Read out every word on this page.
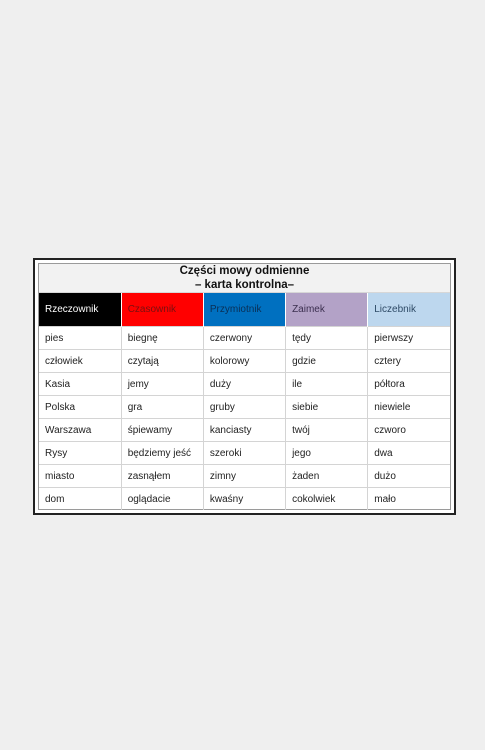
Części mowy odmienne
– karta kontrolna–
Rzeczownik	Czasownik	Przymiotnik	Zaimek	Liczebnik
pies	biegnę	czerwony	tędy	pierwszy
człowiek	czytają	kolorowy	gdzie	cztery
Kasia	jemy	duży	ile	półtora
Polska	gra	gruby	siebie	niewiele
Warszawa	śpiewamy	kanciasty	twój	czworo
Rysy	będziemy jeść	szeroki	jego	dwa
miasto	zasnąłem	zimny	żaden	dużo
dom	oglądacie	kwaśny	cokolwiek	mało
